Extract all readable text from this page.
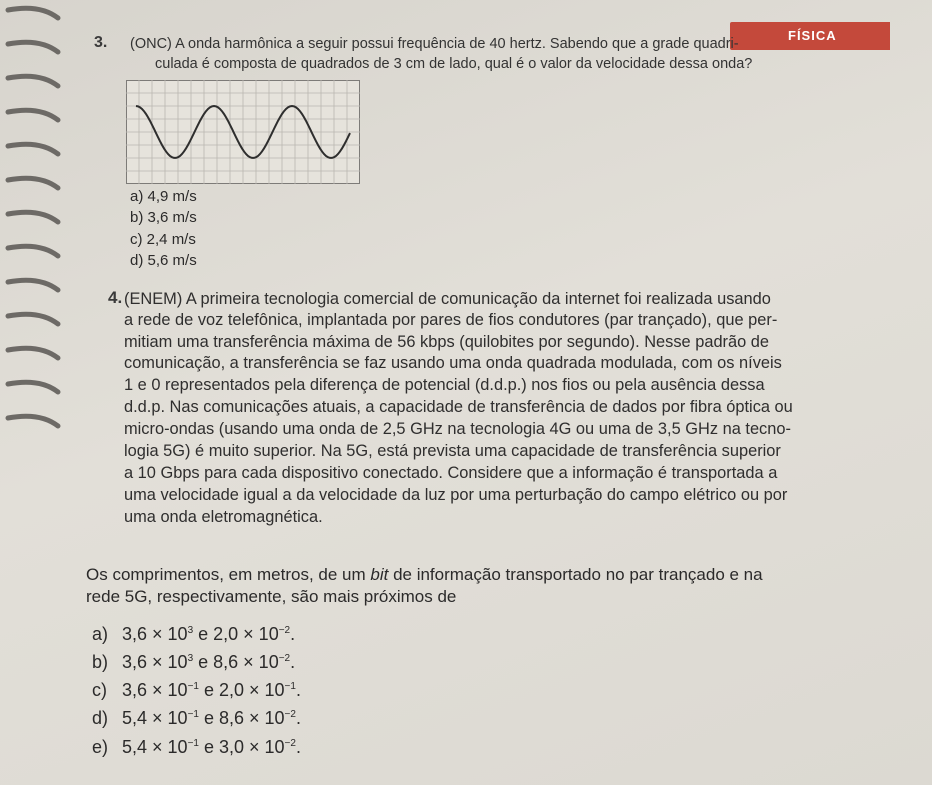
FÍSICA
3. (ONC) A onda harmônica a seguir possui frequência de 40 hertz. Sabendo que a grade quadri-
culada é composta de quadrados de 3 cm de lado, qual é o valor da velocidade dessa onda?
a) 4,9 m/s
b) 3,6 m/s
c) 2,4 m/s
d) 5,6 m/s
4. (ENEM) A primeira tecnologia comercial de comunicação da internet foi realizada usando
a rede de voz telefônica, implantada por pares de fios condutores (par trançado), que per-
mitiam uma transferência máxima de 56 kbps (quilobites por segundo). Nesse padrão de
comunicação, a transferência se faz usando uma onda quadrada modulada, com os níveis
1 e 0 representados pela diferença de potencial (d.d.p.) nos fios ou pela ausência dessa
d.d.p. Nas comunicações atuais, a capacidade de transferência de dados por fibra óptica ou
micro-ondas (usando uma onda de 2,5 GHz na tecnologia 4G ou uma de 3,5 GHz na tecno-
logia 5G) é muito superior. Na 5G, está prevista uma capacidade de transferência superior
a 10 Gbps para cada dispositivo conectado. Considere que a informação é transportada a
uma velocidade igual a da velocidade da luz por uma perturbação do campo elétrico ou por
uma onda eletromagnética.
Os comprimentos, em metros, de um bit de informação transportado no par trançado e na
rede 5G, respectivamente, são mais próximos de
a) $3,6 \times 10^3$ e $2,0 \times 10^{-2}$.
b) $3,6 \times 10^3$ e $8,6 \times 10^{-2}$.
c) $3,6 \times 10^{-1}$ e $2,0 \times 10^{-1}$.
d) $5,4 \times 10^{-1}$ e $8,6 \times 10^{-2}$.
e) $5,4 \times 10^{-1}$ e $3,0 \times 10^{-2}$.
